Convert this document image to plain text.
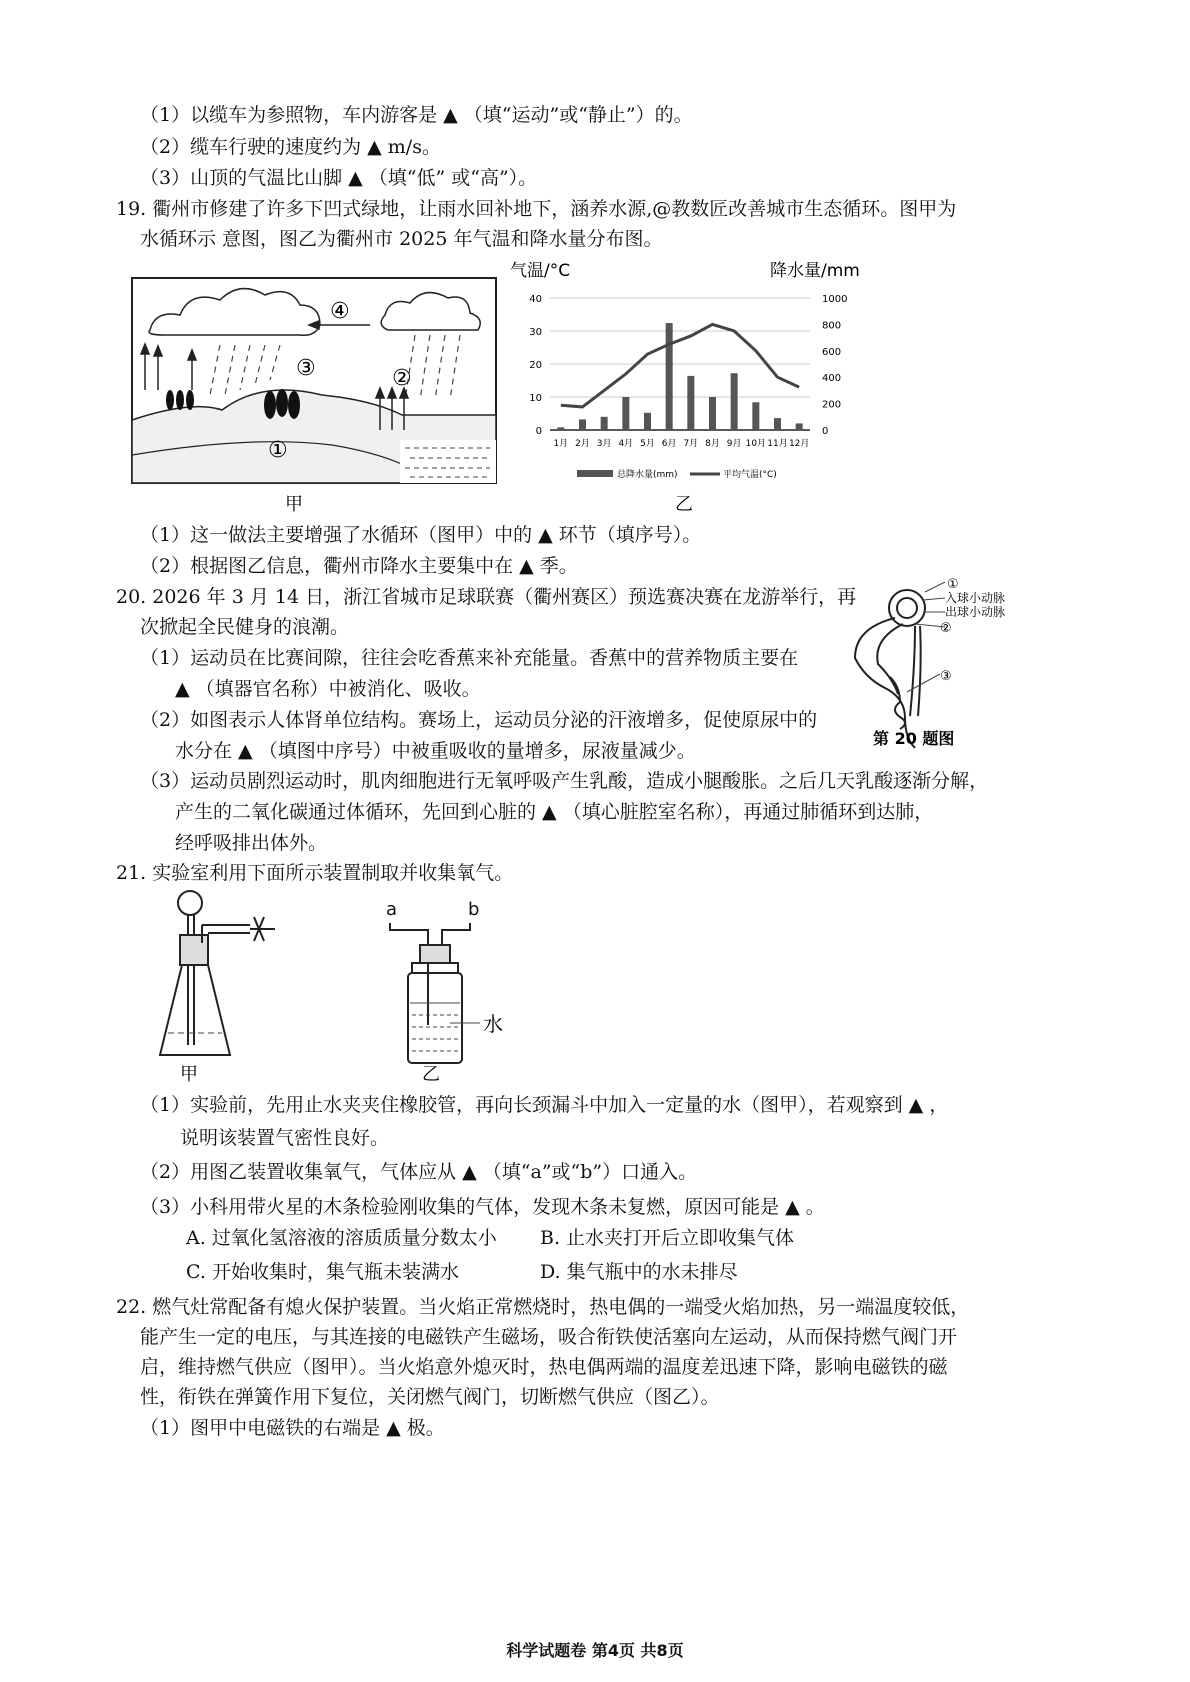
（1）以缆车为参照物，车内游客是 ▲ （填“运动”或“静止”）的。
（2）缆车行驶的速度约为 ▲ m/s。
（3）山顶的气温比山脚 ▲ （填“低” 或“高”）。
19. 衢州市修建了许多下凹式绿地，让雨水回补地下，涵养水源,@教数匠改善城市生态循环。图甲为
水循环示 意图，图乙为衢州市 2025 年气温和降水量分布图。
④
②
③
①
甲
气温/°C	降水量/mm
40
30
20
10
0
1000
800
600
400
200
0
1月 2月 3月 4月 5月 6月 7月 8月 9月 10月 11月 12月
总降水量(mm)	平均气温(°C)
乙
（1）这一做法主要增强了水循环（图甲）中的 ▲ 环节（填序号）。
（2）根据图乙信息，衢州市降水主要集中在 ▲ 季。
20. 2026 年 3 月 14 日，浙江省城市足球联赛（衢州赛区）预选赛决赛在龙游举行，再
次掀起全民健身的浪潮。
（1）运动员在比赛间隙，往往会吃香蕉来补充能量。香蕉中的营养物质主要在
▲ （填器官名称）中被消化、吸收。
（2）如图表示人体肾单位结构。赛场上，运动员分泌的汗液增多，促使原尿中的
水分在 ▲ （填图中序号）中被重吸收的量增多，尿液量减少。
①
入球小动脉
出球小动脉
②
③
第 20 题图
（3）运动员剧烈运动时，肌肉细胞进行无氧呼吸产生乳酸，造成小腿酸胀。之后几天乳酸逐渐分解，
产生的二氧化碳通过体循环，先回到心脏的 ▲ （填心脏腔室名称），再通过肺循环到达肺，
经呼吸排出体外。
21. 实验室利用下面所示装置制取并收集氧气。
甲
a	b
水
乙
（1）实验前，先用止水夹夹住橡胶管，再向长颈漏斗中加入一定量的水（图甲），若观察到 ▲ ，
说明该装置气密性良好。
（2）用图乙装置收集氧气，气体应从 ▲ （填“a”或“b”）口通入。
（3）小科用带火星的木条检验刚收集的气体，发现木条未复燃，原因可能是 ▲ 。
A. 过氧化氢溶液的溶质质量分数太小 B. 止水夹打开后立即收集气体
C. 开始收集时，集气瓶未装满水	D. 集气瓶中的水未排尽
22. 燃气灶常配备有熄火保护装置。当火焰正常燃烧时，热电偶的一端受火焰加热，另一端温度较低，
能产生一定的电压，与其连接的电磁铁产生磁场，吸合衔铁使活塞向左运动，从而保持燃气阀门开
启，维持燃气供应（图甲）。当火焰意外熄灭时，热电偶两端的温度差迅速下降，影响电磁铁的磁
性，衔铁在弹簧作用下复位，关闭燃气阀门，切断燃气供应（图乙）。
（1）图甲中电磁铁的右端是 ▲ 极。
科学试题卷 第4页 共8页
